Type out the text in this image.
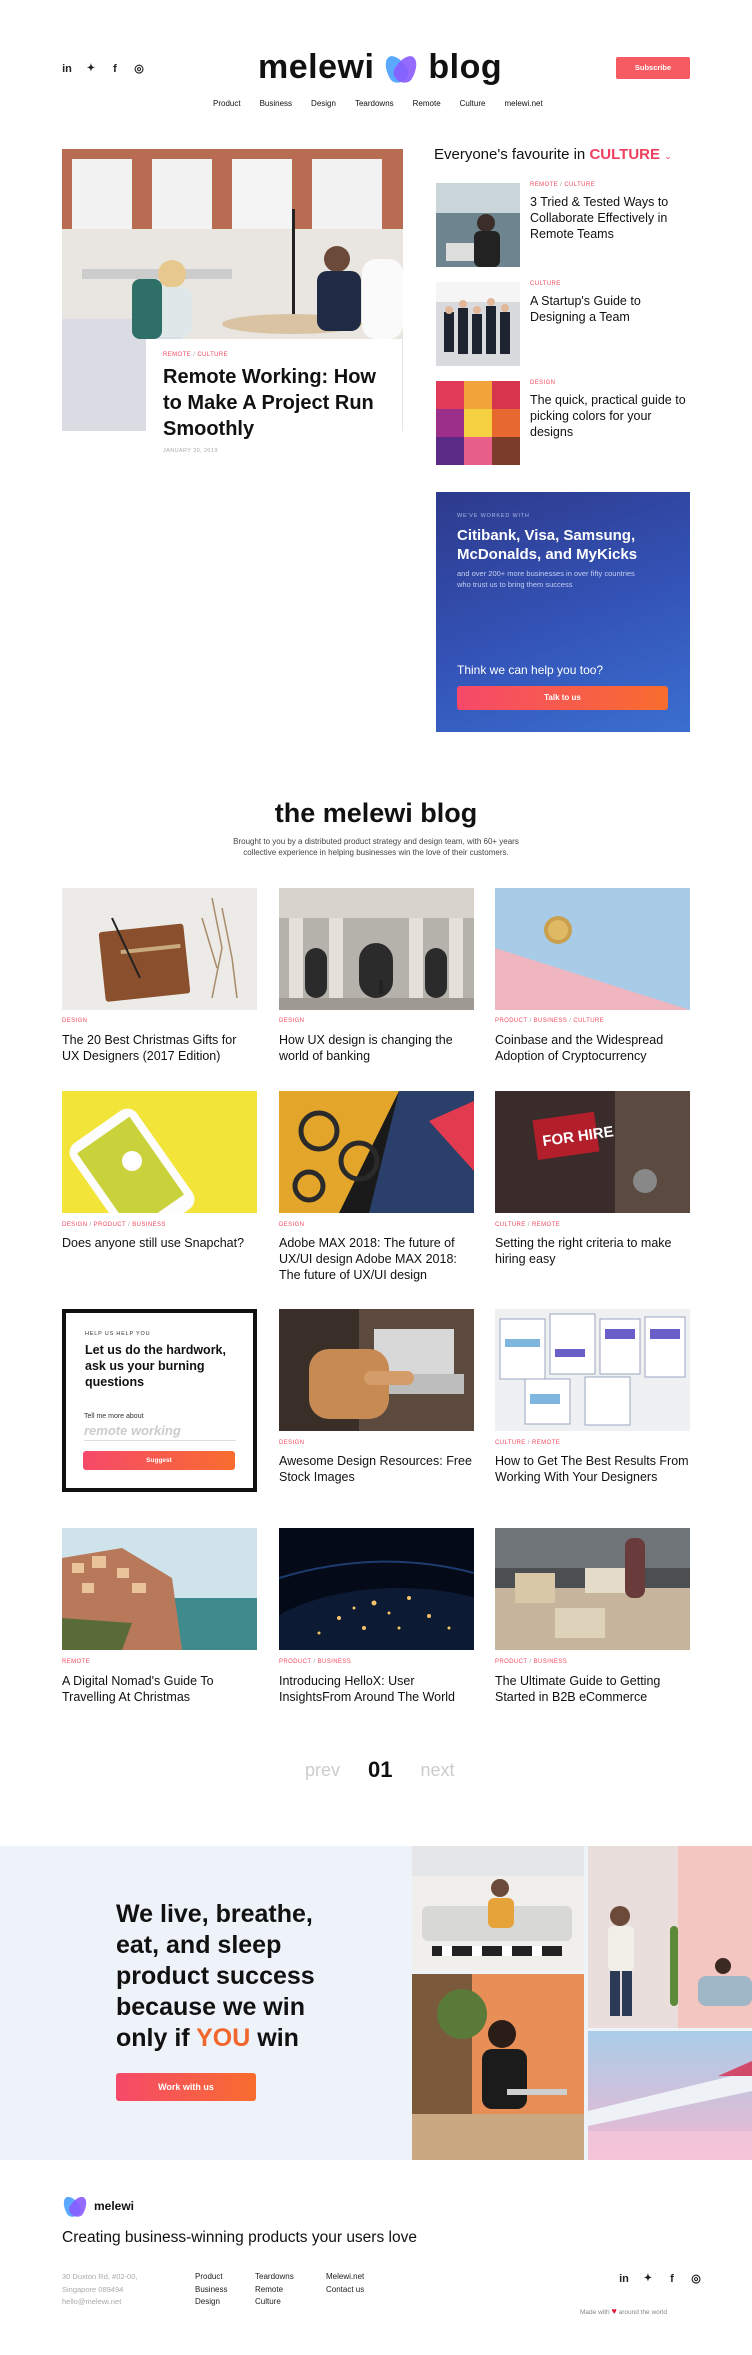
in ✦	f	◎	melewi blog	Subscribe
Product Business Design Teardowns Remote Culture melewi.net
REMOTE / CULTURE
Remote Working: How to Make A Project Run Smoothly
JANUARY 20, 2019
Everyone's favourite in CULTURE ⌄
REMOTE / CULTURE
3 Tried & Tested Ways to Collaborate Effectively in Remote Teams
CULTURE
A Startup's Guide to Designing a Team
DESIGN
The quick, practical guide to picking colors for your designs
WE'VE WORKED WITH
Citibank, Visa, Samsung, McDonalds, and MyKicks
and over 200+ more businesses in over fifty countries who trust us to bring them success
Think we can help you too?
Talk to us
the melewi blog
Brought to you by a distributed product strategy and design team, with 60+ years collective experience in helping businesses win the love of their customers.
DESIGN
The 20 Best Christmas Gifts for UX Designers (2017 Edition)
DESIGN
How UX design is changing the world of banking
PRODUCT / BUSINESS / CULTURE
Coinbase and the Widespread Adoption of Cryptocurrency
DESIGN / PRODUCT / BUSINESS
Does anyone still use Snapchat?
DESIGN
Adobe MAX 2018: The future of UX/UI design Adobe MAX 2018: The future of UX/UI design
FOR HIRE
CULTURE / REMOTE
Setting the right criteria to make hiring easy
HELP US HELP YOU
Let us do the hardwork, ask us your burning questions
Tell me more about
remote working
Suggest
DESIGN
Awesome Design Resources: Free Stock Images
CULTURE / REMOTE
How to Get The Best Results From Working With Your Designers
REMOTE
A Digital Nomad's Guide To Travelling At Christmas
PRODUCT / BUSINESS
Introducing HelloX: User InsightsFrom Around The World
PRODUCT / BUSINESS
The Ultimate Guide to Getting Started in B2B eCommerce
prev 01 next
We live, breathe, eat, and sleep product success because we win only if YOU win
Work with us
melewi
Creating business-winning products your users love
30 Duxton Rd, #02-00,
Singapore 089494
hello@melewi.net
Product
Business
Design
Teardowns
Remote
Culture
Melewi.net
Contact us
in ✦	f	◎
Made with ♥ around the world
